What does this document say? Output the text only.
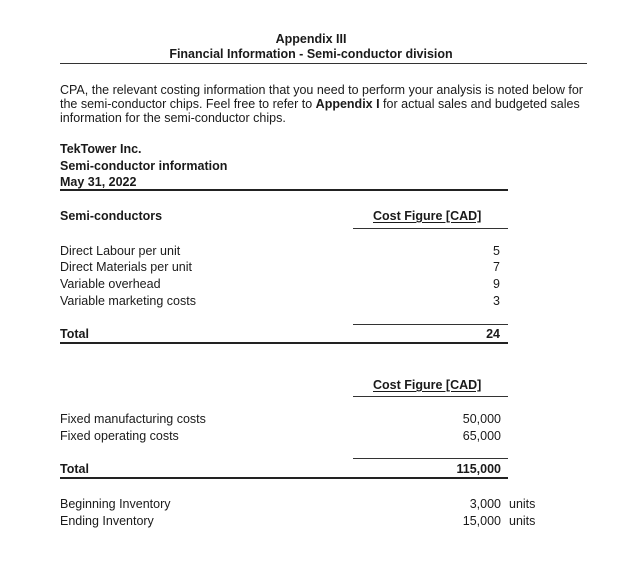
Appendix III
Financial Information - Semi-conductor division
CPA, the relevant costing information that you need to perform your analysis is noted below for the semi-conductor chips. Feel free to refer to Appendix I for actual sales and budgeted sales information for the semi-conductor chips.
TekTower Inc.
Semi-conductor information
May 31, 2022
Semi-conductors	Cost Figure [CAD]
Direct Labour per unit	5
Direct Materials per unit	7
Variable overhead	9
Variable marketing costs	3
Total	24
Cost Figure [CAD]
Fixed manufacturing costs	50,000
Fixed operating costs	65,000
Total	115,000
Beginning Inventory	3,000 units
Ending Inventory	15,000 units
